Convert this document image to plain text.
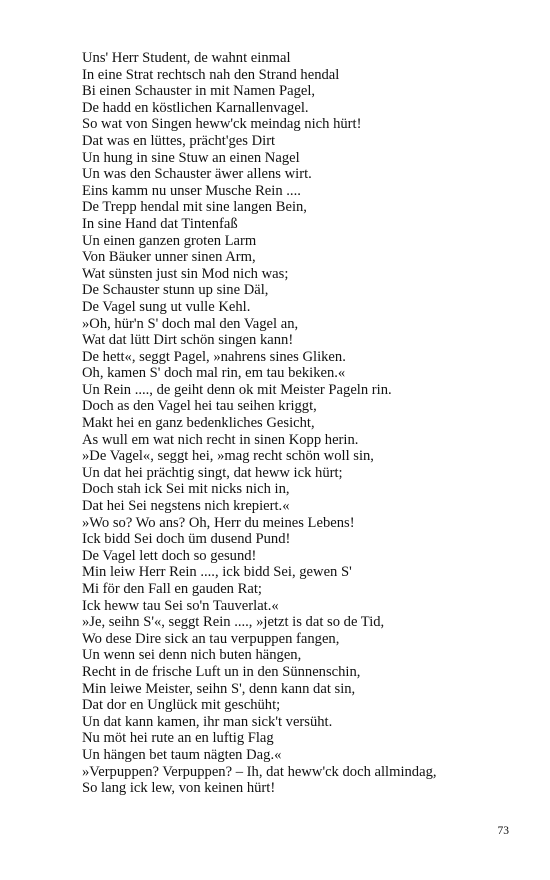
Uns' Herr Student, de wahnt einmal
In eine Strat rechtsch nah den Strand hendal
Bi einen Schauster in mit Namen Pagel,
De hadd en köstlichen Karnallenvagel.
So wat von Singen heww'ck meindag nich hürt!
Dat was en lüttes, prächt'ges Dirt
Un hung in sine Stuw an einen Nagel
Un was den Schauster äwer allens wirt.
Eins kamm nu unser Musche Rein ....
De Trepp hendal mit sine langen Bein,
In sine Hand dat Tintenfaß
Un einen ganzen groten Larm
Von Bäuker unner sinen Arm,
Wat sünsten just sin Mod nich was;
De Schauster stunn up sine Däl,
De Vagel sung ut vulle Kehl.
»Oh, hür'n S' doch mal den Vagel an,
Wat dat lütt Dirt schön singen kann!
De hett«, seggt Pagel, »nahrens sines Gliken.
Oh, kamen S' doch mal rin, em tau bekiken.«
Un Rein ...., de geiht denn ok mit Meister Pageln rin.
Doch as den Vagel hei tau seihen kriggt,
Makt hei en ganz bedenkliches Gesicht,
As wull em wat nich recht in sinen Kopp herin.
»De Vagel«, seggt hei, »mag recht schön woll sin,
Un dat hei prächtig singt, dat heww ick hürt;
Doch stah ick Sei mit nicks nich in,
Dat hei Sei negstens nich krepiert.«
»Wo so? Wo ans? Oh, Herr du meines Lebens!
Ick bidd Sei doch üm dusend Pund!
De Vagel lett doch so gesund!
Min leiw Herr Rein ...., ick bidd Sei, gewen S'
Mi för den Fall en gauden Rat;
Ick heww tau Sei so'n Tauverlat.«
»Je, seihn S'«, seggt Rein ...., »jetzt is dat so de Tid,
Wo dese Dire sick an tau verpuppen fangen,
Un wenn sei denn nich buten hängen,
Recht in de frische Luft un in den Sünnenschin,
Min leiwe Meister, seihn S', denn kann dat sin,
Dat dor en Unglück mit geschüht;
Un dat kann kamen, ihr man sick't versüht.
Nu möt hei rute an en luftig Flag
Un hängen bet taum nägten Dag.«
»Verpuppen? Verpuppen? – Ih, dat heww'ck doch allmindag,
So lang ick lew, von keinen hürt!
73
